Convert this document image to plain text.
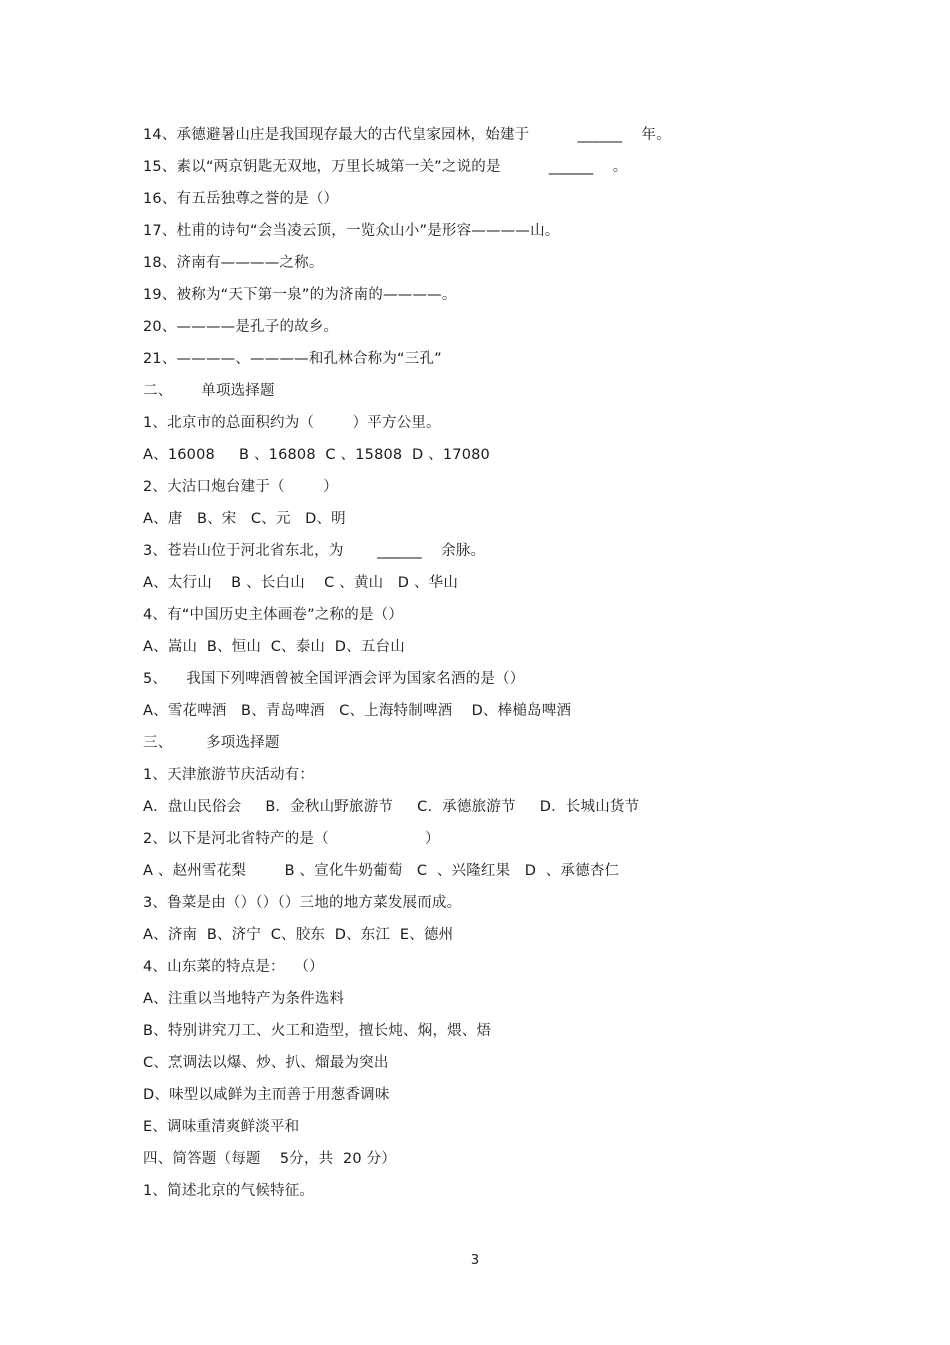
14、承德避暑山庄是我国现存最大的古代皇家园林，始建于          ______    年。
15、素以“两京钥匙无双地，万里长城第一关”之说的是          ______    。
16、有五岳独尊之誉的是（）
17、杜甫的诗句“会当凌云顶，一览众山小”是形容————山。
18、济南有————之称。
19、被称为“天下第一泉”的为济南的————。
20、————是孔子的故乡。
21、————、————和孔林合称为“三孔”
二、      单项选择题
1、北京市的总面积约为（        ）平方公里。
A、16008     B 、16808  C 、15808  D 、17080
2、大沽口炮台建于（        ）
A、唐   B、宋   C、元   D、明
3、苍岩山位于河北省东北，为       ______    余脉。
A、太行山    B 、长白山    C 、黄山   D 、华山
4、有“中国历史主体画卷”之称的是（）
A、嵩山  B、恒山  C、泰山  D、五台山
5、    我国下列啤酒曾被全国评酒会评为国家名酒的是（）
A、雪花啤酒   B、青岛啤酒   C、上海特制啤酒    D、棒槌岛啤酒
三、       多项选择题
1、天津旅游节庆活动有：
A．盘山民俗会     B．金秋山野旅游节     C．承德旅游节     D．长城山货节
2、以下是河北省特产的是（                    ）
A 、赵州雪花梨        B 、宣化牛奶葡萄   C  、兴隆红果   D  、承德杏仁
3、鲁菜是由（）（）（）三地的地方菜发展而成。
A、济南  B、济宁  C、胶东  D、东江  E、德州
4、山东菜的特点是：  （）
A、注重以当地特产为条件选料
B、特别讲究刀工、火工和造型，擅长炖、焖，煨、焐
C、烹调法以爆、炒、扒、熘最为突出
D、味型以咸鲜为主而善于用葱香调味
E、调味重清爽鲜淡平和
四、简答题（每题    5分，共  20 分）
1、简述北京的气候特征。
3
